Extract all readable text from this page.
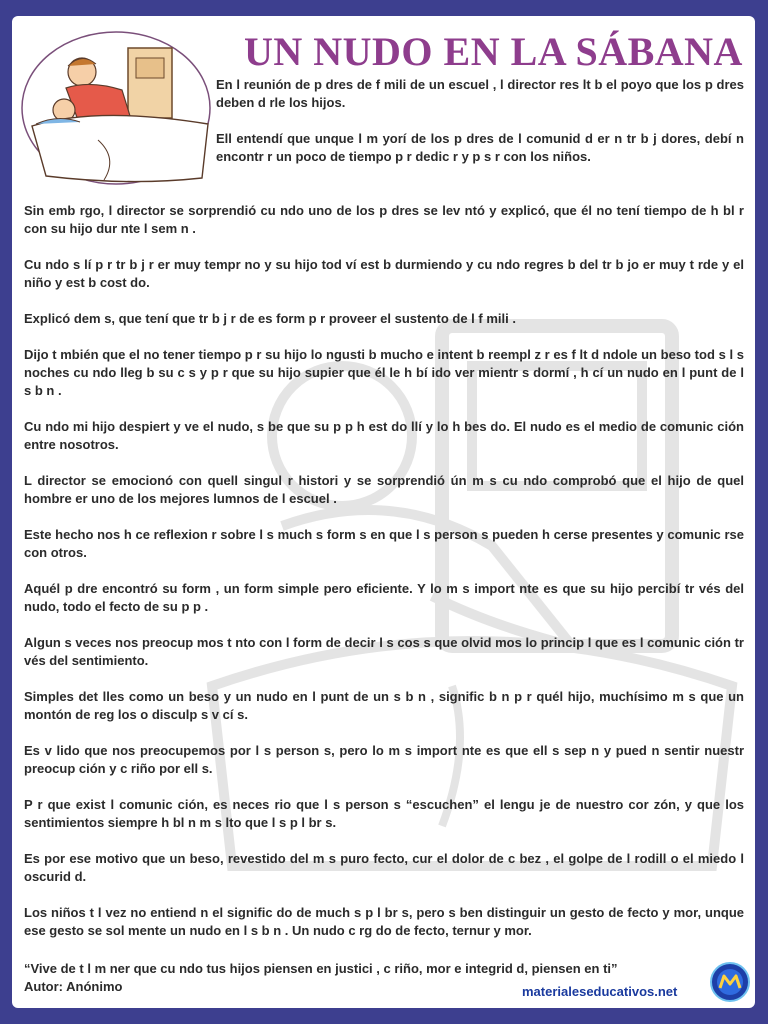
UN NUDO EN LA SÁBANA

En l reunión de p dres de f mili de un escuel , l director res lt b el poyo que los p dres deben d rle los hijos.

Ell entendí que unque l m yorí de los p dres de l comunid d er n tr b j dores, debí n encontr r un poco de tiempo p r dedic r y p s r con los niños.

Sin emb rgo, l director se sorprendió cu ndo uno de los p dres se lev ntó y explicó, que él no tení tiempo de h bl r con su hijo dur nte l sem n .

Cu ndo s lí p r tr b j r er muy tempr no y su hijo tod ví est b durmiendo y cu ndo regres b del tr b jo er muy t rde y el niño y est b cost do.

Explicó dem s, que tení que tr b j r de es form p r proveer el sustento de l f mili .

Dijo t mbién que el no tener tiempo p r su hijo lo ngusti b mucho e intent b reempl z r es f lt d ndole un beso tod s l s noches cu ndo lleg b su c s y p r que su hijo supier que él le h bí ido ver mientr s dormí , h cí un nudo en l punt de l s b n .

Cu ndo mi hijo despiert y ve el nudo, s be que su p p h est do llí y lo h bes do. El nudo es el medio de comunic ción entre nosotros.

L director se emocionó con quell singul r histori y se sorprendió ún m s cu ndo comprobó que el hijo de quel hombre er uno de los mejores lumnos de l escuel .

Este hecho nos h ce reflexion r sobre l s much s form s en que l s person s pueden h cerse presentes y comunic rse con otros.

Aquél p dre encontró su form , un form simple pero eficiente. Y lo m s import nte es que su hijo percibí tr vés del nudo, todo el fecto de su p p .

Algun s veces nos preocup mos t nto con l form de decir l s cos s que olvid mos lo princip l que es l comunic ción tr vés del sentimiento.

Simples det lles como un beso y un nudo en l punt de un s b n , signific b n p r quél hijo, muchísimo m s que un montón de reg los o disculp s v cí s.

Es v lido que nos preocupemos por l s person s, pero lo m s import nte es que ell s sep n y pued n sentir nuestr preocup ción y c riño por ell s.

P r que exist l comunic ción, es neces rio que l s person s “escuchen” el lengu je de nuestro cor zón, y que los sentimientos siempre h bl n m s lto que l s p l br s.

Es por ese motivo que un beso, revestido del m s puro fecto, cur el dolor de c bez , el golpe de l rodill o el miedo l oscurid d.

Los niños t l vez no entiend n el signific do de much s p l br s, pero s ben distinguir un gesto de fecto y mor, unque ese gesto se sol mente un nudo en l s b n . Un nudo c rg do de fecto, ternur y mor.

“Vive de t l m ner que cu ndo tus hijos piensen en justici , c riño, mor e integrid d, piensen en ti”
Autor: Anónimo	materialeseducativos.net
